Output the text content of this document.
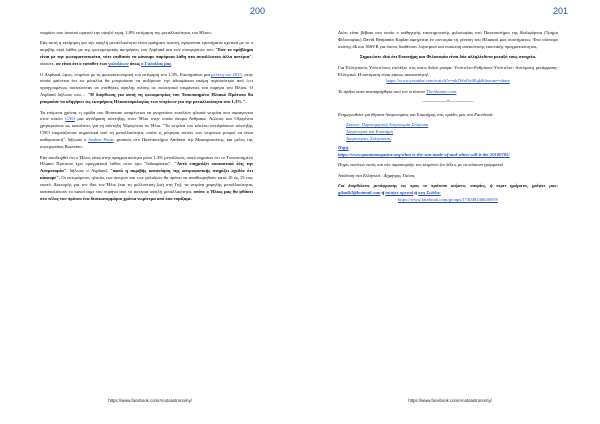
200

νεφρίων που ioνικού ορατού την υψηλό τερη, 1,8% εκτίμηση της μεταλλικότητας του Ηλιου.

Εάν αυτή η εκτίμηση για την υψηλή μεταλλικότητα είναι πράγματι σωστή, εγείρονται ερωτήματα σχετικά με το π ακριβής περί λάθος με της φωτομετρικής ιnετρήσεις του Asplund και των συνεργατών του. "Εάν το πρόβλημα είναι με την φωτοματονικιότα, τότε επιθανόν να κάνουμε παρόμοια λάθη στα ανταλλιυτου άλλα αστέρια", είπεστε, αν είναι ότι ο τοποθετ των γαλαξίεων όπως ο Γαλαξίας μας.

Ο Asplund, όμως, επιμένει με τη φωτοαστονομική του εκτίμηση του 1,3%. Επισημαίνει μια μελέτη του 2015, στην οποία φαίνεται ότι τα μέταλλα θα μπορούσαν να αυξήσουν την αδιαφάνεια ακόμη περισσότερο από ό,τι προηγουμένως πιστεύονταν σε συνθήκες υψηλής πίεσης σε εσωτερικά επιφάνειες του πυρήνα του Ηλιου. Ο Asplund δήλωσε στο… "Η διόρθωση για αυτή τη φωτομετρίας του Τοποποιημένο Ηλιακό Πρότυπο θα μπορούσε να οδηγήσει τις εκτιμήσεις Ηλιοσεισμολογίας των νετρίνων για την μεταλλικότητα στο 1,3% ".

Τα επόμενα χρόνια, η ομάδα του Borexino αναμένεται να ανιχνεύσει επιπλέον ηλιακά νετρίνα που παράγονται στον κύκλο CNO μια αντίδραση σύντηξης στον Ήλιο στην οποία άτομα Άνθρακα, Αζώτου και Οξυγόνου χρησιμεύουν ως καταλύτες για τη σύντηξη Υδρογόνου σε Ήλιο. "Τα νετρίνα του κύκλου αντιδράσεων σύντηξης CNO επηρεάζονται σημαντικά από τη μεταλλικότητα, οπότε η μέτρηση αυτών των νετρίνων μπορεί να είναι καθοριστική", δήλωσε ο Andrea Pocar, φυσικός στο Πανεπιστήμιο Amherst της Μασαχουσέτης, και μέλος της συνεργασίας Borexino.

Εάν αποδειχθεί ότι ο Ήλιος είναι στην πραγματικότητα μόνο 1,3% μεταλλικός, αυτό σημαίνει ότι το Τυποποιημένο Ηλιακό Πρότυπο έχει πραγματικά λάθος στον όρο "Ιοδιαφάνεια". "Αυτό επηρεάζει ουσιαστικά όλη την Αστρονομία", δήλωσε ο Asplund, "αφού η ακριβής κατανόηση της αστροφυσικής στηρίζει σχεδόν ότι κάνουμε". Οι εκτιμώμενες ηλικίες των άστρων και των γαλαξιών θα πρέπει να αναθεωρηθούν κατά 10 ώς 15 τοις εκατό. Δεκτομής για τον ίδιο τον Ήλιο (και τη μελλοντική ζωή στη Γη), τα νετρίνα χαμηλής μεταλλικότητας καταπαλόπουν το κανοί αιμε του πυρήνα από το αστέρια υψηλή μεταλλικότητα, οπότε ο Ήλιος μας θα φθάσει στο τέλος του πρότου ένα δισεκατομμύριο χρόνια νωρίτερα από όσο νομίζαμε.

https://www.facebook.com/Anotoastronomy/
201

Διότι είναι βέβαιο στο οποίο ο καθηγητής επιστημονικής φιλοσοφίας στο Πανεπιστήμιο της Καλιφόρνια (Τμήμα Φιλοσοφίας) David Benjamin Kaplan αφηγείται εν συντομία τη γένεση του Ηλιακού μας συστήματος. Ένα σύννεφο σκόνης 4k και 360VR για όσους διαθέτουν λογισμικό και συσκευή απεικόνισης εικονικής πραγματικότητας.

Σημειώστε ιδιό ότι Επιστήμη και Φιλοσοφία είναι δύο αλληλένδετα μεταξύ τους στοιχεία.

Για Έλληνικούς Υπότιτλους επιλέξτε στη κάτω δεξιά μπάρα: Υπότιτλοι-Ρυθμίσεις-Υπότιτλοι- Αυτόματη μετάφραση-Ελληνικά. Η αυτόματη είναι κάπως ακατανόητη!.

https://www.youtube.com/watch?v=ukJWnOv6Eqk&feature=share

Το άρθρο αυτό αναπαράχθηκε από τον ιστότοπο TheAtlantic.com.

----------------*----------------

Ενημερωθείτε για θέματα Αστρονομίας και Επιστήμης στις ομάδες μας στο Facebook:

Δισπον- Παρατηρητική Αστρονομία Σεληνιακ
Αστρονομία και Επιστήμη
Αστρονομίες Σεληνιακας

Πηγή
https://www.quantamagazine.org/what-is-the-sun-made-of-and-when-will-it-die-20180705/

Πηγές εικόνων εκτός και εάν παραπομπής του κειμένου (οι λέξεις με τα κόκκινα γράμματα)

Απόδοση στα Ελληνικά : Δημήτρης Γκίνας

Για διορθώσεις μετάφρασης ως προς το πρότυπο κείμενο, απορίες, ή περιτ ηρόματα, γράψτε μας: gikadb3@hotmail.com ή αυτήτε αρτυτό ή στη Σελίδα:

https://www.facebook.com/groups/174048146026959/

https://www.facebook.com/Anotoastronomy/
